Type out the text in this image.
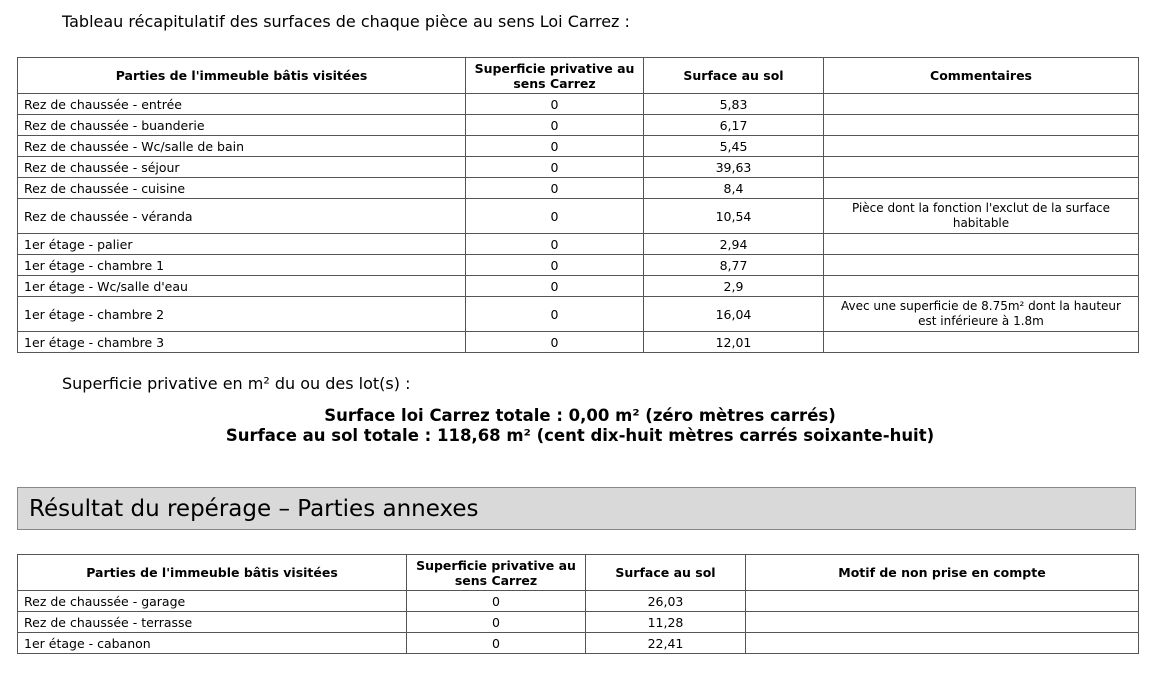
Tableau récapitulatif des surfaces de chaque pièce au sens Loi Carrez :
Parties de l'immeuble bâtis visitées	Superficie privative au sens Carrez	Surface au sol	Commentaires
Rez de chaussée - entrée	0	5,83	
Rez de chaussée - buanderie	0	6,17	
Rez de chaussée - Wc/salle de bain	0	5,45	
Rez de chaussée - séjour	0	39,63	
Rez de chaussée - cuisine	0	8,4	
Rez de chaussée - véranda	0	10,54	Pièce dont la fonction l'exclut de la surface habitable
1er étage - palier	0	2,94	
1er étage - chambre 1	0	8,77	
1er étage - Wc/salle d'eau	0	2,9	
1er étage - chambre 2	0	16,04	Avec une superficie de 8.75m² dont la hauteur est inférieure à 1.8m
1er étage - chambre 3	0	12,01	
Superficie privative en m² du ou des lot(s) :
Surface loi Carrez totale : 0,00 m² (zéro mètres carrés)
Surface au sol totale : 118,68 m² (cent dix-huit mètres carrés soixante-huit)
Résultat du repérage – Parties annexes
Parties de l'immeuble bâtis visitées	Superficie privative au sens Carrez	Surface au sol	Motif de non prise en compte
Rez de chaussée - garage	0	26,03	
Rez de chaussée - terrasse	0	11,28	
1er étage - cabanon	0	22,41	
